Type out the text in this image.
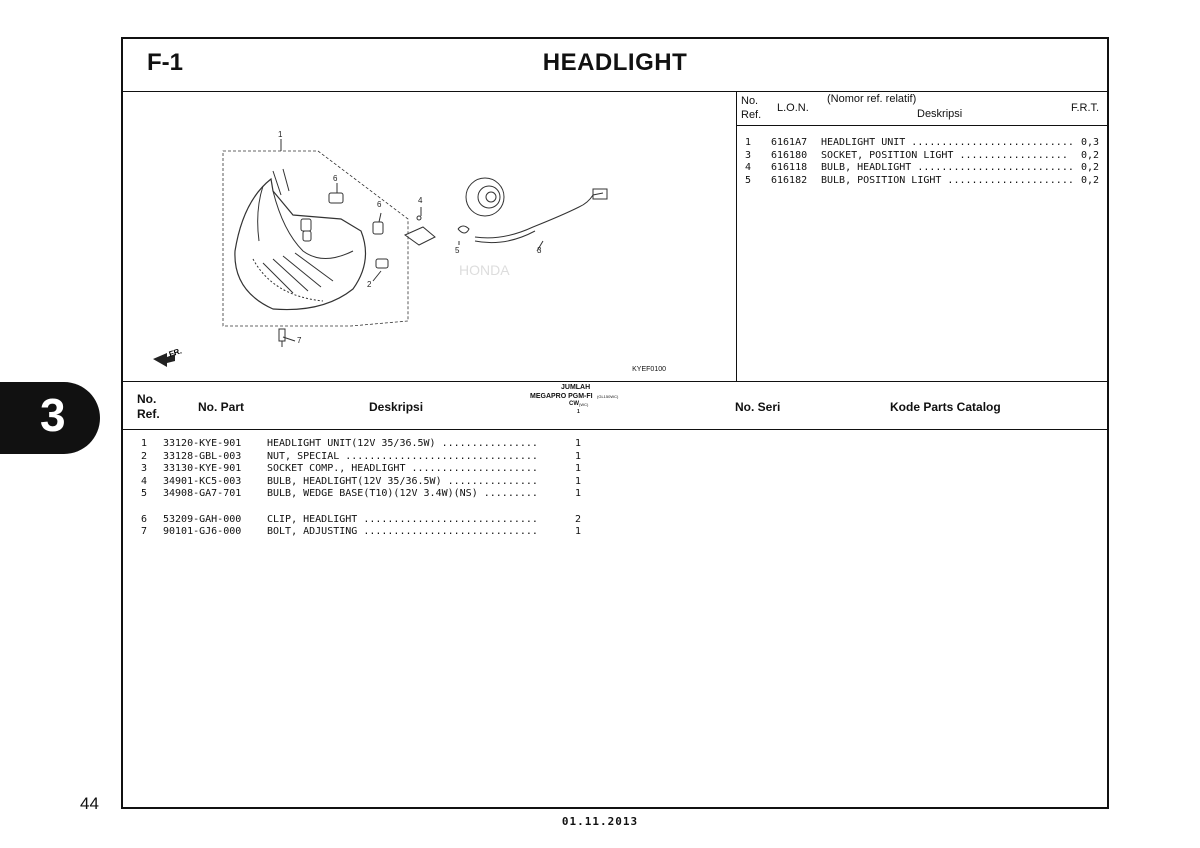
3
44
F-1	HEADLIGHT
1
6
6	4
5	3
2
7
HONDA
FR.
KYEF0100
No.
Ref.
L.O.N.
(Nomor ref. relatif)
Deskripsi	F.R.T.
1 6161A7 HEADLIGHT UNIT ........................... 0,3
3 616180 SOCKET, POSITION LIGHT .................. 0,2
4 616118 BULB, HEADLIGHT .......................... 0,2
5 616182 BULB, POSITION LIGHT ..................... 0,2
No.
Ref.	No. Part	Deskripsi
JUMLAH
MEGAPRO PGM-FI (GL150WC)
CW (WC)
1	No. Seri	Kode Parts Catalog
1 33120-KYE-901	HEADLIGHT UNIT(12V 35/36.5W) ................	1
2 33128-GBL-003	NUT, SPECIAL ................................	1
3 33130-KYE-901	SOCKET COMP., HEADLIGHT .....................	1
4 34901-KC5-003	BULB, HEADLIGHT(12V 35/36.5W) ...............	1
5 34908-GA7-701	BULB, WEDGE BASE(T10)(12V 3.4W)(NS) .........	1
6 53209-GAH-000	CLIP, HEADLIGHT .............................	2
7 90101-GJ6-000	BOLT, ADJUSTING .............................	1
01.11.2013
